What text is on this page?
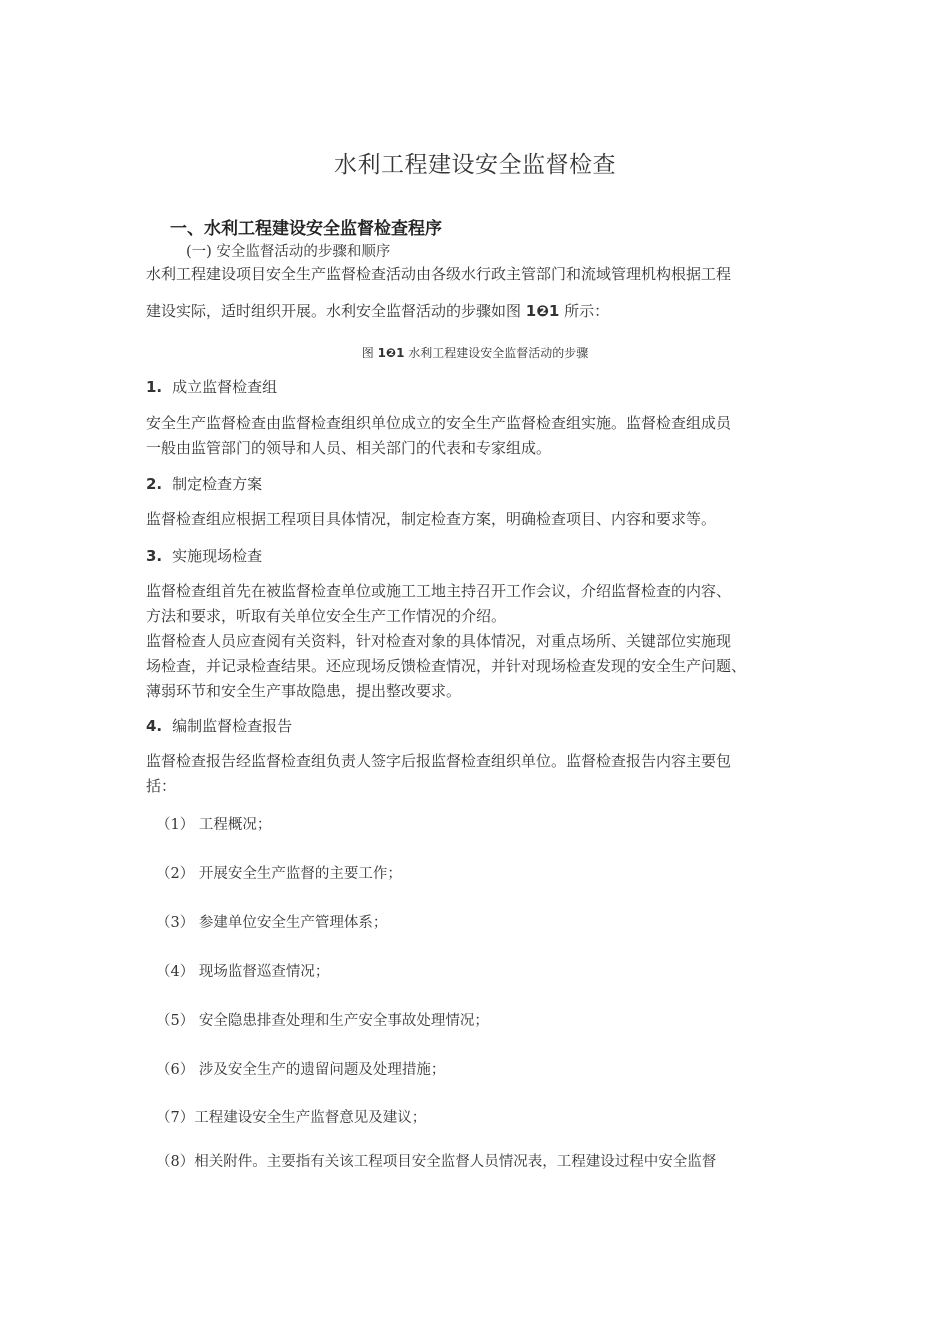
水利工程建设安全监督检查
一、水利工程建设安全监督检查程序
(一) 安全监督活动的步骤和顺序
水利工程建设项目安全生产监督检查活动由各级水行政主管部门和流域管理机构根据工程
建设实际，适时组织开展。水利安全监督活动的步骤如图 1❷1 所示：
图 1❷1 水利工程建设安全监督活动的步骤
1. 成立监督检查组
安全生产监督检查由监督检查组织单位成立的安全生产监督检查组实施。监督检查组成员
一般由监管部门的领导和人员、相关部门的代表和专家组成。
2. 制定检查方案
监督检查组应根据工程项目具体情况，制定检查方案，明确检查项目、内容和要求等。
3. 实施现场检查
监督检查组首先在被监督检查单位或施工工地主持召开工作会议，介绍监督检查的内容、
方法和要求，听取有关单位安全生产工作情况的介绍。
监督检查人员应查阅有关资料，针对检查对象的具体情况，对重点场所、关键部位实施现
场检查，并记录检查结果。还应现场反馈检查情况，并针对现场检查发现的安全生产问题、
薄弱环节和安全生产事故隐患，提出整改要求。
4. 编制监督检查报告
监督检查报告经监督检查组负责人签字后报监督检查组织单位。监督检查报告内容主要包
括：
（1） 工程概况；
（2） 开展安全生产监督的主要工作；
（3） 参建单位安全生产管理体系；
（4） 现场监督巡查情况；
（5） 安全隐患排查处理和生产安全事故处理情况；
（6） 涉及安全生产的遗留问题及处理措施；
（7）工程建设安全生产监督意见及建议；
（8）相关附件。主要指有关该工程项目安全监督人员情况表，工程建设过程中安全监督
